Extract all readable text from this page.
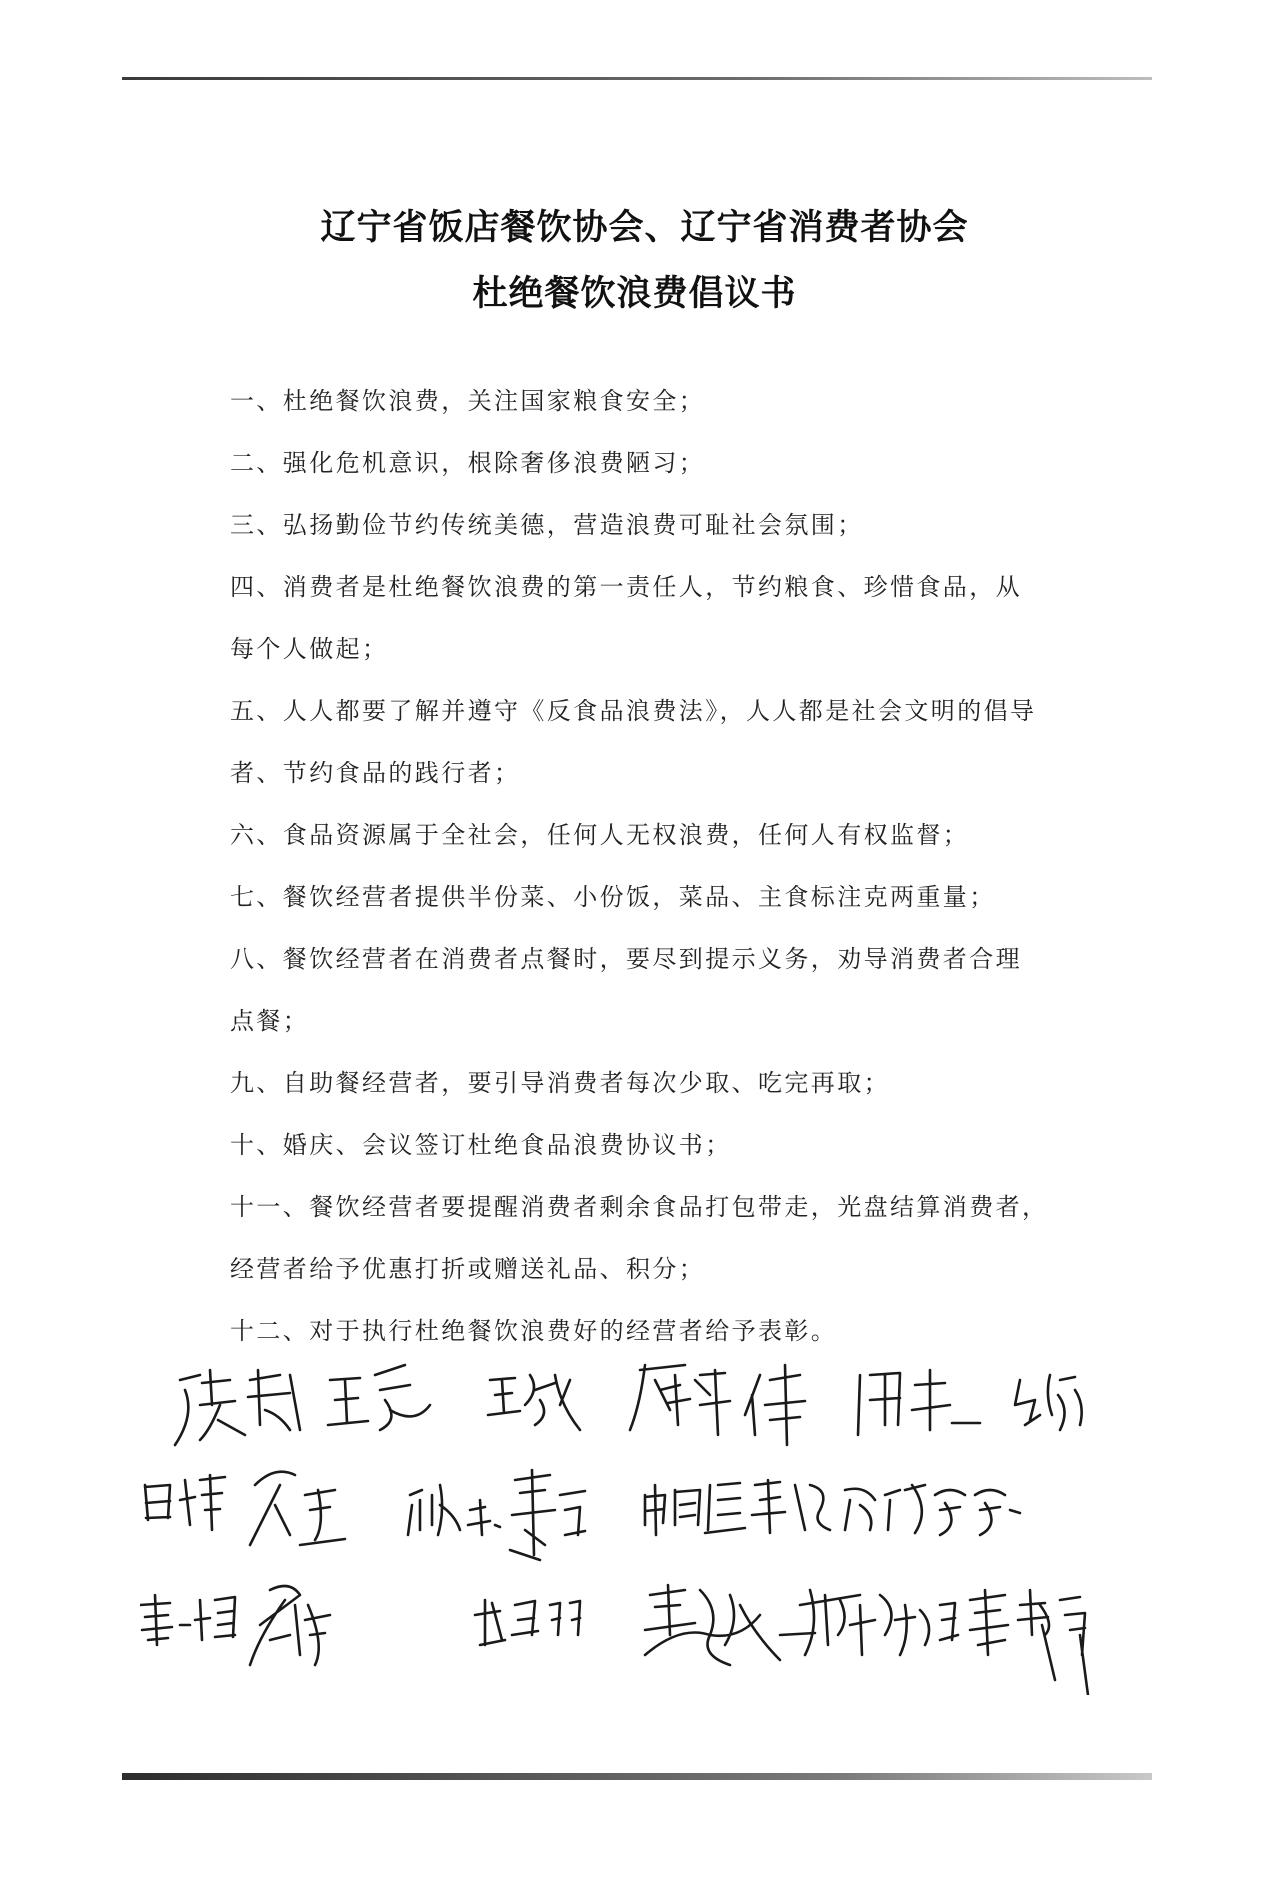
辽宁省饭店餐饮协会、辽宁省消费者协会
杜绝餐饮浪费倡议书
一、杜绝餐饮浪费，关注国家粮食安全；
二、强化危机意识，根除奢侈浪费陋习；
三、弘扬勤俭节约传统美德，营造浪费可耻社会氛围；
四、消费者是杜绝餐饮浪费的第一责任人，节约粮食、珍惜食品，从
每个人做起；
五、人人都要了解并遵守《反食品浪费法》，人人都是社会文明的倡导
者、节约食品的践行者；
六、食品资源属于全社会，任何人无权浪费，任何人有权监督；
七、餐饮经营者提供半份菜、小份饭，菜品、主食标注克两重量；
八、餐饮经营者在消费者点餐时，要尽到提示义务，劝导消费者合理
点餐；
九、自助餐经营者，要引导消费者每次少取、吃完再取；
十、婚庆、会议签订杜绝食品浪费协议书；
十一、餐饮经营者要提醒消费者剩余食品打包带走，光盘结算消费者，
经营者给予优惠打折或赠送礼品、积分；
十二、对于执行杜绝餐饮浪费好的经营者给予表彰。
